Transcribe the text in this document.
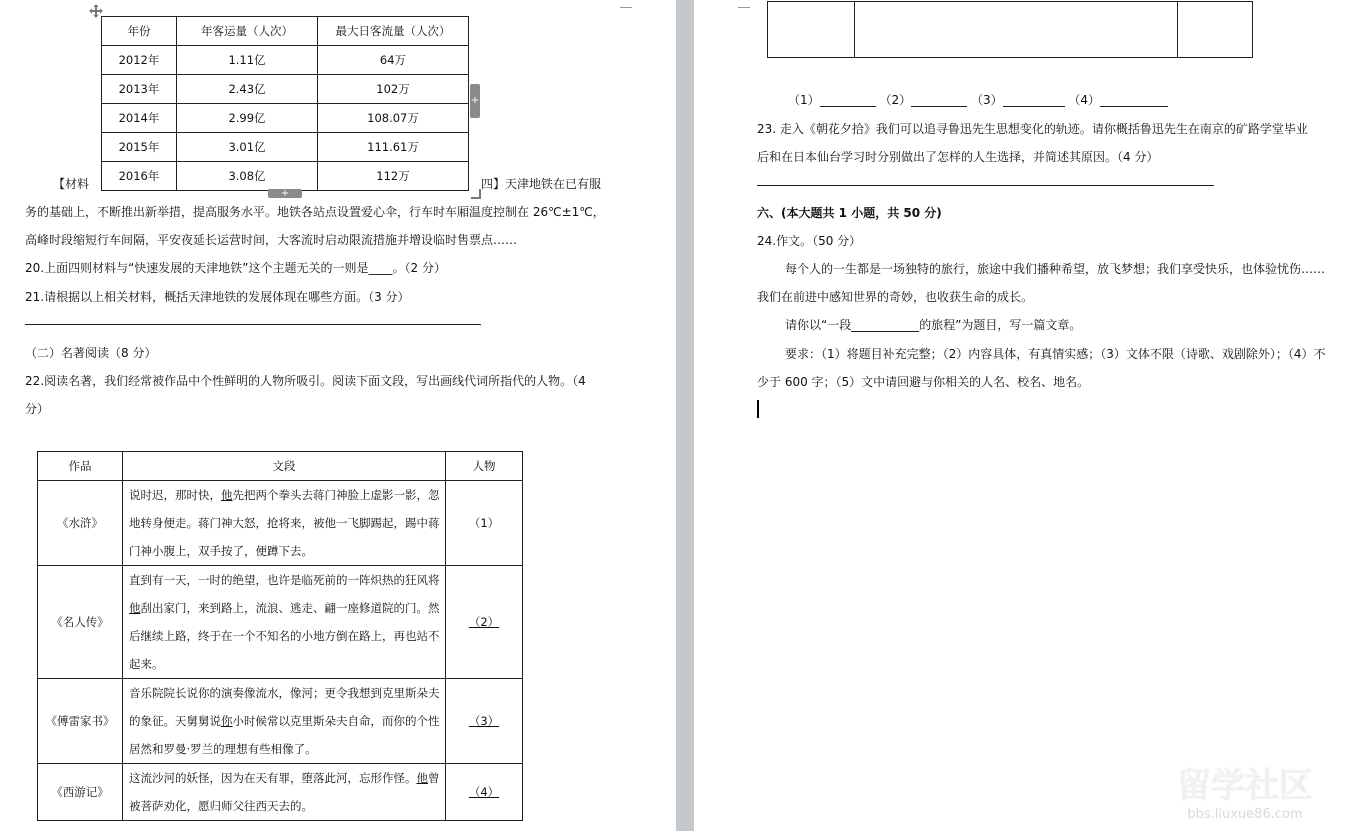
年份	年客运量（人次）	最大日客流量（人次）
2012年	1.11亿	64万
2013年	2.43亿	102万
2014年	2.99亿	108.07万
2015年	3.01亿	111.61万
2016年	3.08亿	112万
+
+
【材料	四】天津地铁在已有服
务的基础上，不断推出新举措，提高服务水平。地铁各站点设置爱心伞，行车时车厢温度控制在 26℃±1℃，
高峰时段缩短行车间隔，平安夜延长运营时间，大客流时启动限流措施并增设临时售票点……
20.上面四则材料与“快速发展的天津地铁”这个主题无关的一则是____。（2 分）
21.请根据以上相关材料，概括天津地铁的发展体现在哪些方面。（3 分）
（二）名著阅读（8 分）
22.阅读名著，我们经常被作品中个性鲜明的人物所吸引。阅读下面文段，写出画线代词所指代的人物。（4
分）
作品	文段	人物
《水浒》	说时迟，那时快，他先把两个拳头去蒋门神脸上虚影一影，忽地转身便走。蒋门神大怒，抢将来，被他一飞脚踢起，踢中蒋门神小腹上，双手按了，便蹲下去。	（1）
《名人传》	直到有一天，一时的绝望，也许是临死前的一阵炽热的狂风将他刮出家门，来到路上，流浪、逃走、翩一座修道院的门。然后继续上路，终于在一个不知名的小地方倒在路上，再也站不起来。	（2）
《傅雷家书》	音乐院院长说你的演奏像流水，像河；更令我想到克里斯朵夫的象征。天舅舅说你小时候常以克里斯朵夫自命，而你的个性居然和罗曼·罗兰的理想有些相像了。	（3）
《西游记》	这流沙河的妖怪，因为在天有罪，堕落此河，忘形作怪。他曾被菩萨劝化，愿归师父往西天去的。	（4）

（1）	（2）	（3）	（4）
23. 走入《朝花夕拾》我们可以追寻鲁迅先生思想变化的轨迹。请你概括鲁迅先生在南京的矿路学堂毕业
后和在日本仙台学习时分别做出了怎样的人生选择，并简述其原因。（4 分）
六、(本大题共 1 小题，共 50 分)
24.作文。（50 分）
每个人的一生都是一场独特的旅行，旅途中我们播种希望，放飞梦想；我们享受快乐，也体验忧伤……
我们在前进中感知世界的奇妙，也收获生命的成长。
请你以“一段	的旅程”为题目，写一篇文章。
要求：（1）将题目补充完整；（2）内容具体，有真情实感；（3）文体不限（诗歌、戏剧除外）；（4）不
少于 600 字；（5）文中请回避与你相关的人名、校名、地名。
留学社区
bbs.liuxue86.com
